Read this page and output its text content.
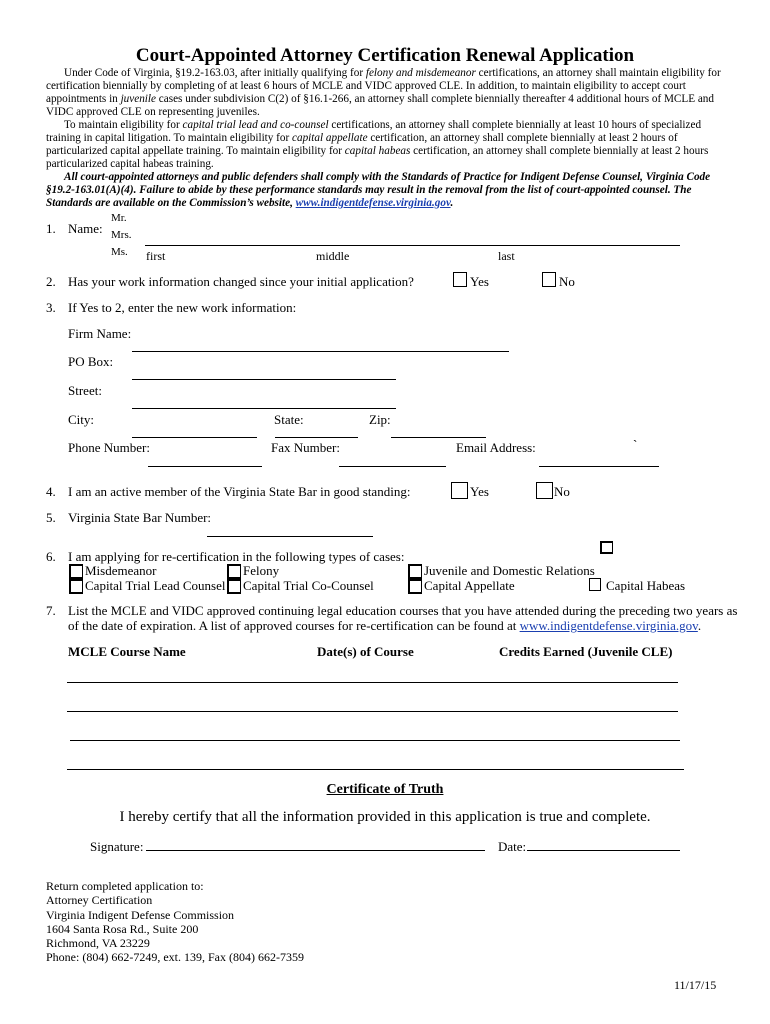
Court-Appointed Attorney Certification Renewal Application

Under Code of Virginia, §19.2-163.03, after initially qualifying for felony and misdemeanor certifications, an attorney shall maintain eligibility for certification biennially by completing of at least 6 hours of MCLE and VIDC approved CLE. In addition, to maintain eligibility to accept court appointments in juvenile cases under subdivision C(2) of §16.1-266, an attorney shall complete biennially thereafter 4 additional hours of MCLE and VIDC approved CLE on representing juveniles.

To maintain eligibility for capital trial lead and co-counsel certifications, an attorney shall complete biennially at least 10 hours of specialized training in capital litigation. To maintain eligibility for capital appellate certification, an attorney shall complete biennially at least 2 hours of particularized capital appellate training. To maintain eligibility for capital habeas certification, an attorney shall complete biennially at least 2 hours particularized capital habeas training.

All court-appointed attorneys and public defenders shall comply with the Standards of Practice for Indigent Defense Counsel, Virginia Code §19.2-163.01(A)(4). Failure to abide by these performance standards may result in the removal from the list of court-appointed counsel. The Standards are available on the Commission’s website, www.indigentdefense.virginia.gov.

1. Name:
Mr.
Mrs.
Ms. first	middle	last
2. Has your work information changed since your initial application?	Yes	No
3. If Yes to 2, enter the new work information:
Firm Name:
PO Box:
Street:
City:	State:	Zip:
Phone Number:	Fax Number:	Email Address:	`
4. I am an active member of the Virginia State Bar in good standing:	Yes	No
5. Virginia State Bar Number:
6. I am applying for re-certification in the following types of cases:
Misdemeanor	Felony	Juvenile and Domestic Relations
Capital Trial Lead Counsel Capital Trial Co-Counsel	Capital Appellate	Capital Habeas
7. List the MCLE and VIDC approved continuing legal education courses that you have attended during the preceding two years as
of the date of expiration. A list of approved courses for re-certification can be found at www.indigentdefense.virginia.gov.
MCLE Course Name	Date(s) of Course	Credits Earned (Juvenile CLE)
Certificate of Truth
I hereby certify that all the information provided in this application is true and complete.
Signature:	Date:
Return completed application to:
Attorney Certification
Virginia Indigent Defense Commission
1604 Santa Rosa Rd., Suite 200
Richmond, VA 23229
Phone: (804) 662-7249, ext. 139, Fax (804) 662-7359
11/17/15
